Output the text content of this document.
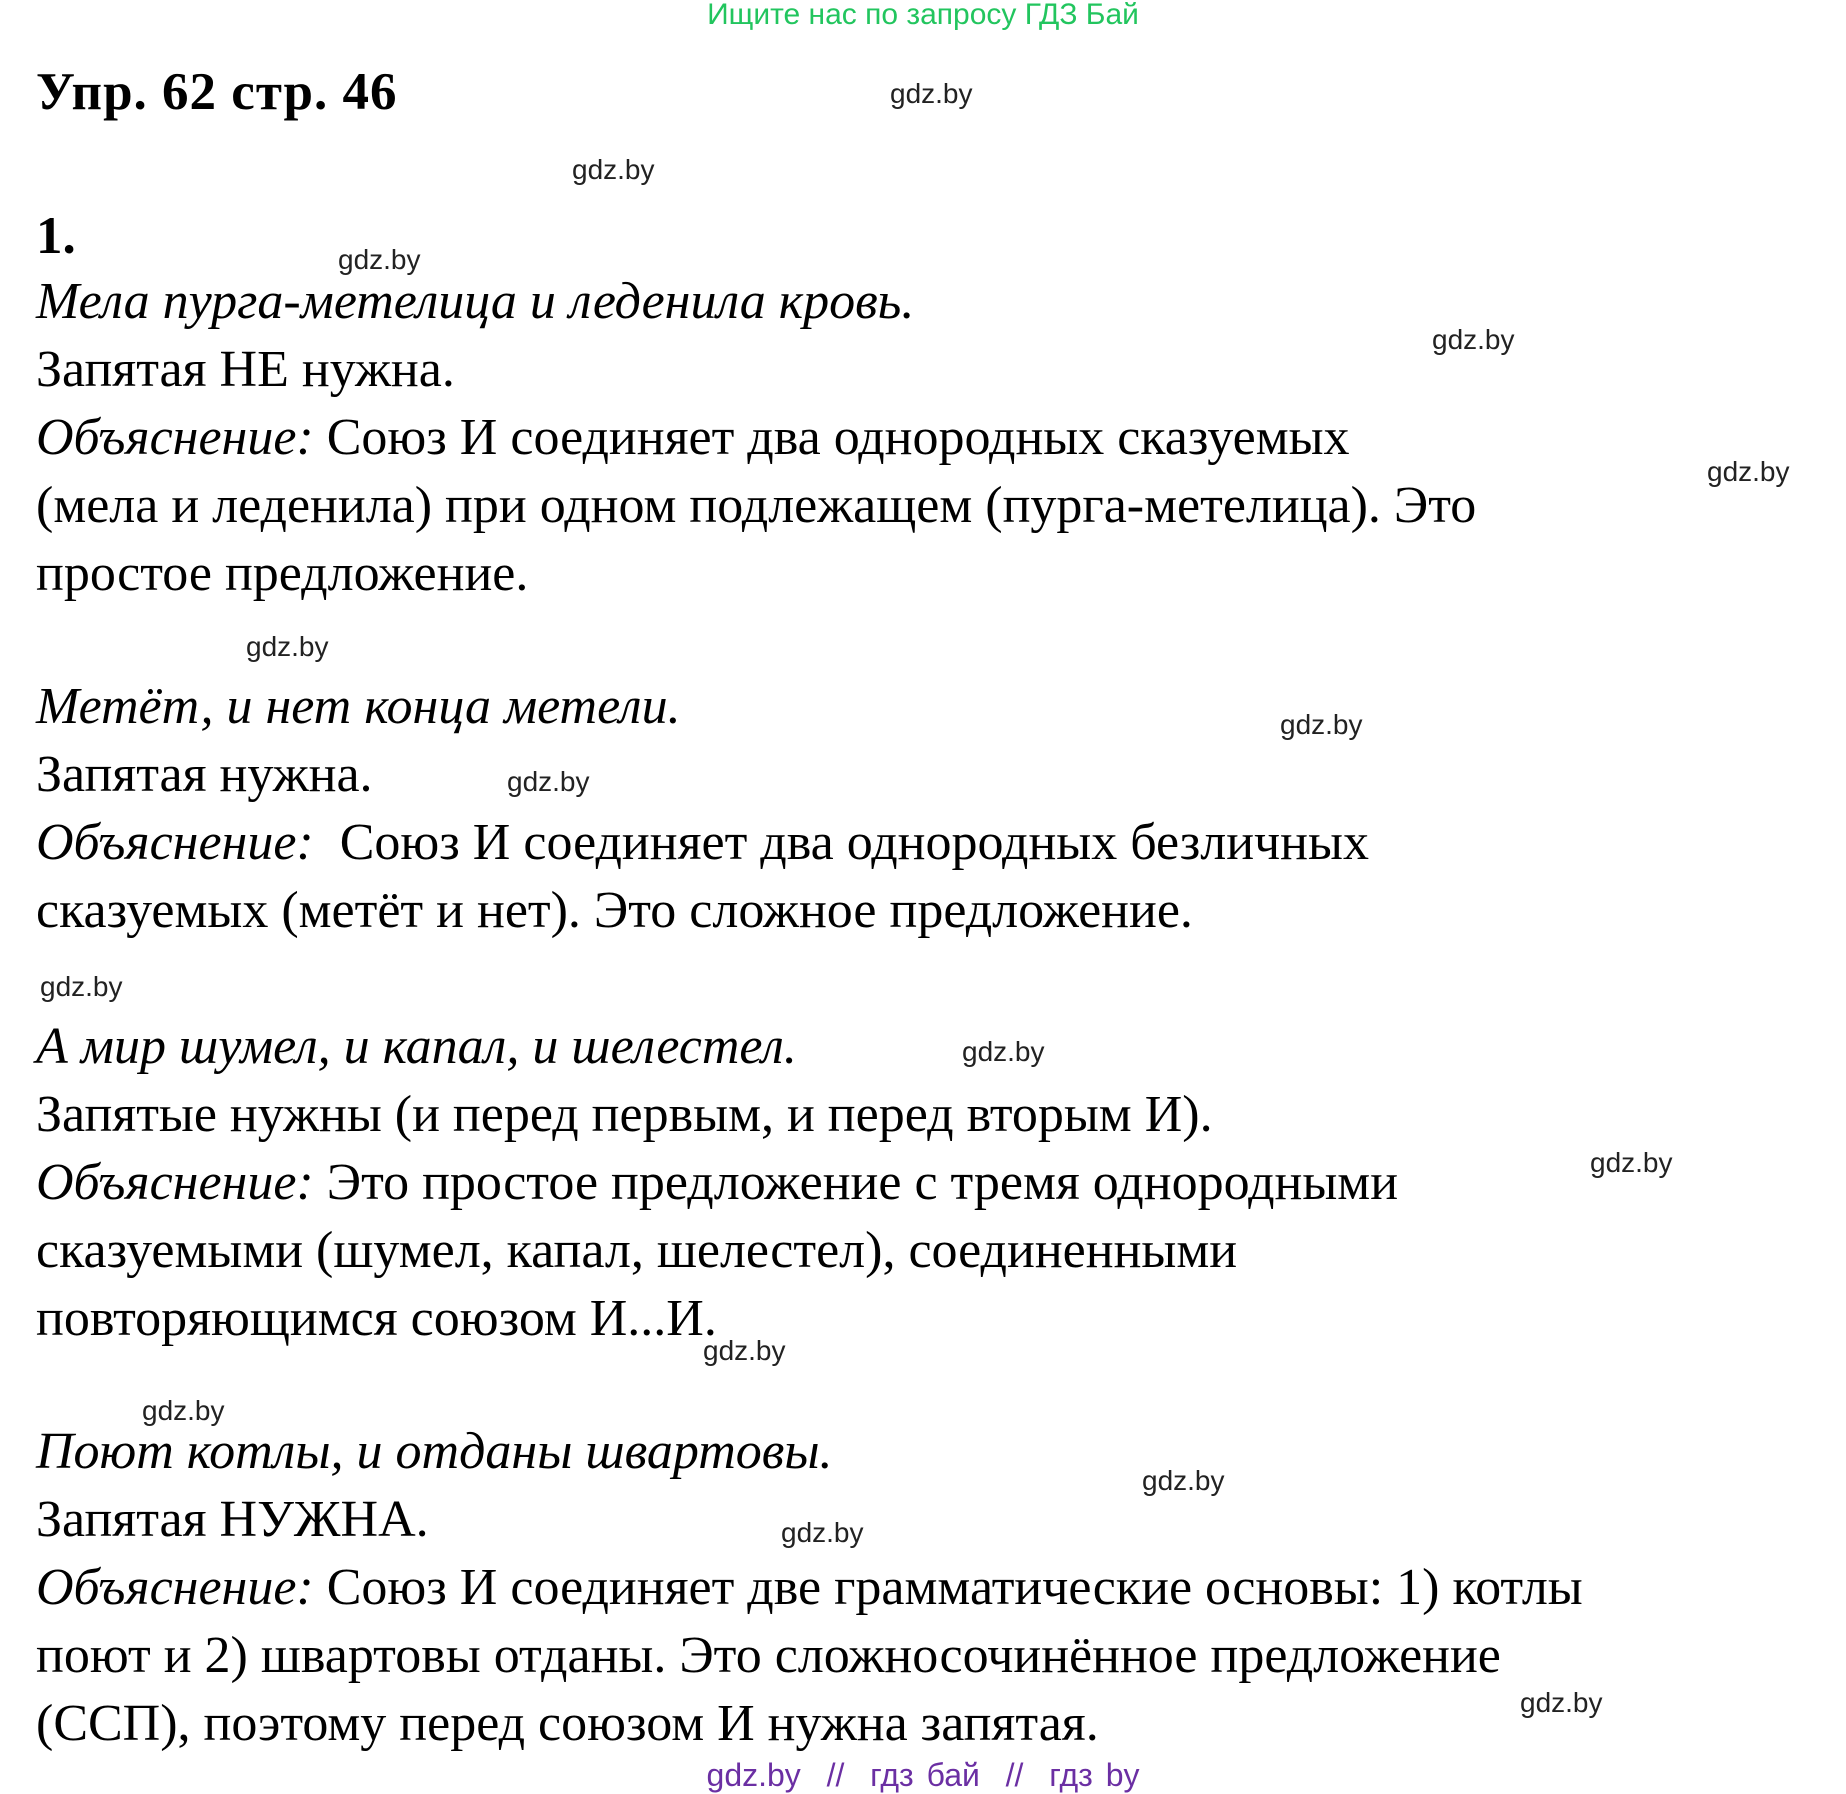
Ищите нас по запросу ГДЗ Бай
Упр. 62 стр. 46
1.
Мела пурга-метелица и леденила кровь.
Запятая НЕ нужна.
Объяснение: Союз И соединяет два однородных сказуемых
(мела и леденила) при одном подлежащем (пурга-метелица). Это
простое предложение.
Метёт, и нет конца метели.
Запятая нужна.
Объяснение:  Союз И соединяет два однородных безличных
сказуемых (метёт и нет). Это сложное предложение.
А мир шумел, и капал, и шелестел.
Запятые нужны (и перед первым, и перед вторым И).
Объяснение: Это простое предложение с тремя однородными
сказуемыми (шумел, капал, шелестел), соединенными
повторяющимся союзом И...И.
Поют котлы, и отданы швартовы.
Запятая НУЖНА.
Объяснение: Союз И соединяет две грамматические основы: 1) котлы
поют и 2) швартовы отданы. Это сложносочинённое предложение
(ССП), поэтому перед союзом И нужна запятая.
gdz.by
gdz.by
gdz.by
gdz.by
gdz.by
gdz.by
gdz.by
gdz.by
gdz.by
gdz.by
gdz.by
gdz.by
gdz.by
gdz.by
gdz.by
gdz.by
gdz.by  //  гдз бай  //  гдз by
